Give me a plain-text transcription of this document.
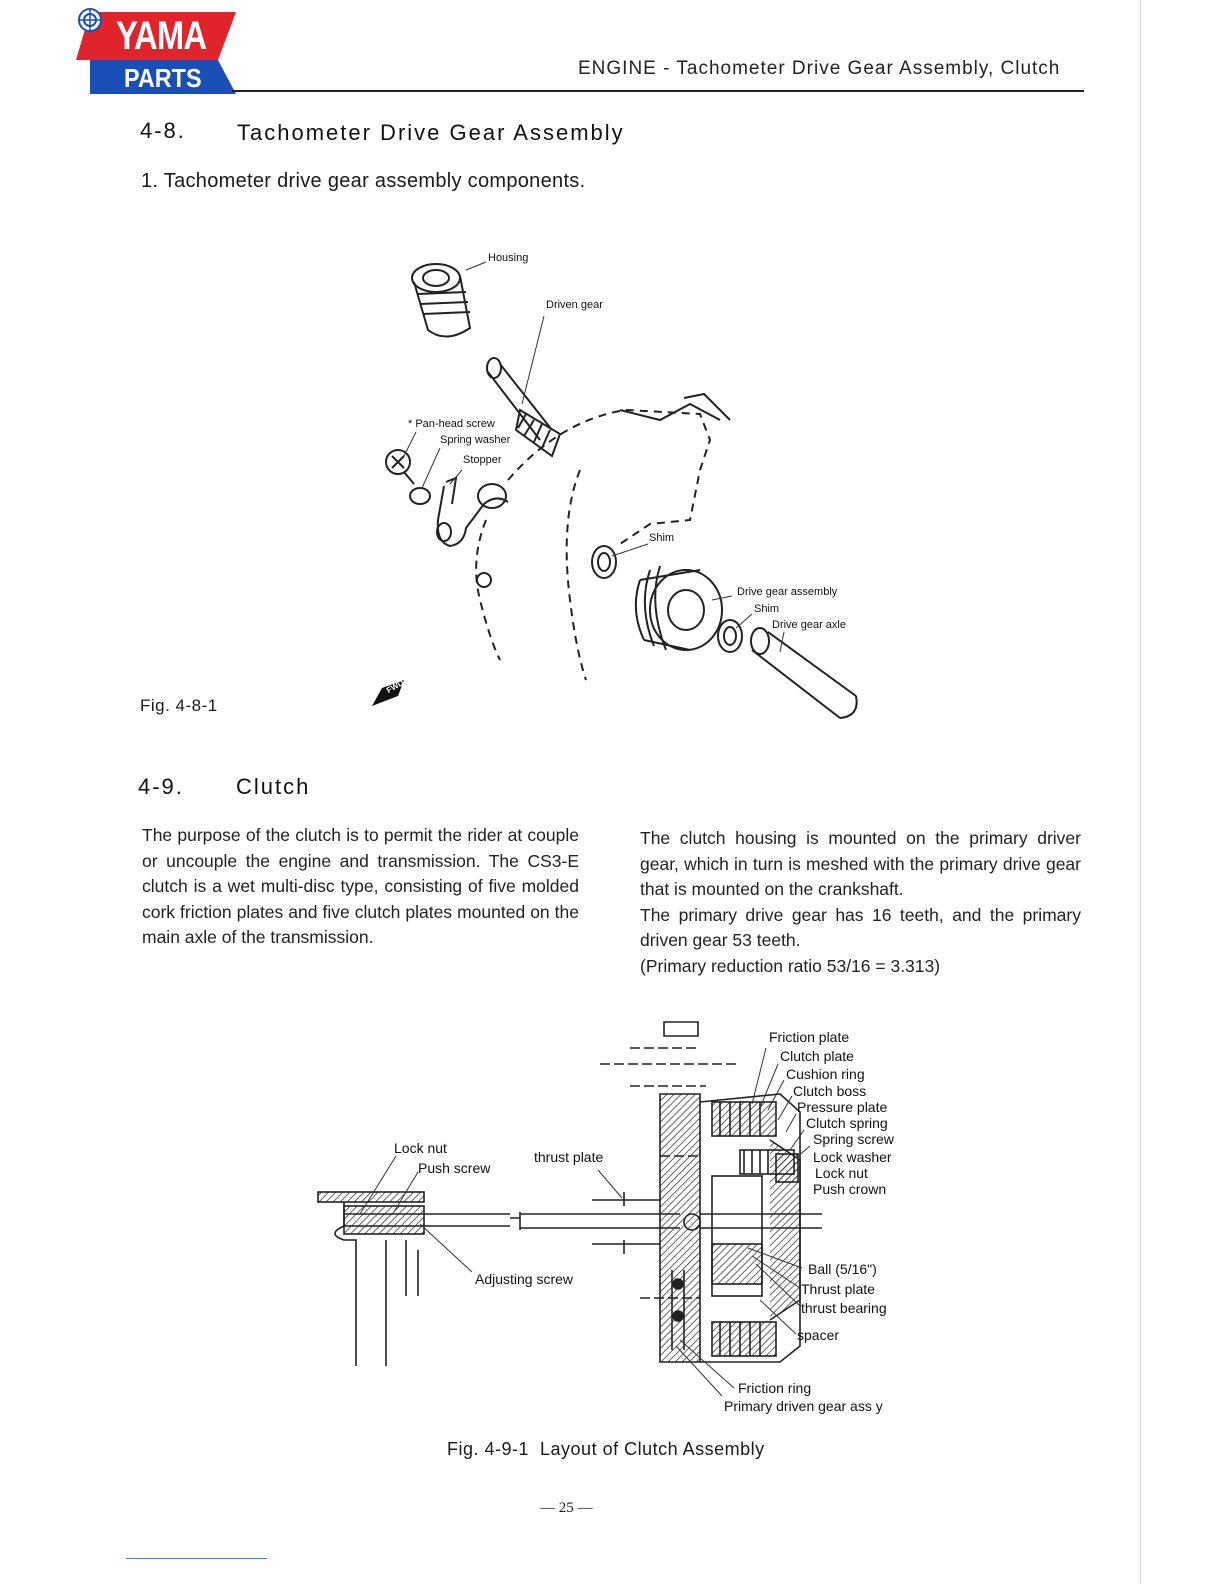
YAMA
PARTS	ENGINE - Tachometer Drive Gear Assembly, Clutch
4-8. Tachometer Drive Gear Assembly
1. Tachometer drive gear assembly components.
Housing
Driven gear
* Pan-head screw
Spring washer
Stopper
Shim
Drive gear assembly
Shim
Drive gear axle
FWD
Fig. 4-8-1
4-9. Clutch

The purpose of the clutch is to permit the rider at couple or uncouple the engine and transmission. The CS3-E clutch is a wet multi-disc type, consisting of five molded cork friction plates and five clutch plates mounted on the main axle of the transmission.

The clutch housing is mounted on the primary driver gear, which in turn is meshed with the primary drive gear that is mounted on the crankshaft.

The primary drive gear has 16 teeth, and the primary driven gear 53 teeth.

(Primary reduction ratio 53/16 = 3.313)

Friction plate
Clutch plate
Cushion ring
Clutch boss
Pressure plate
Clutch spring
Spring screw
Lock washer
Lock nut
Push crown
Lock nut
Push screw
thrust plate
Adjusting screw
Ball (5/16")
Thrust plate
thrust bearing
spacer
Friction ring
Primary driven gear ass y
Fig. 4-9-1  Layout of Clutch Assembly
— 25 —
